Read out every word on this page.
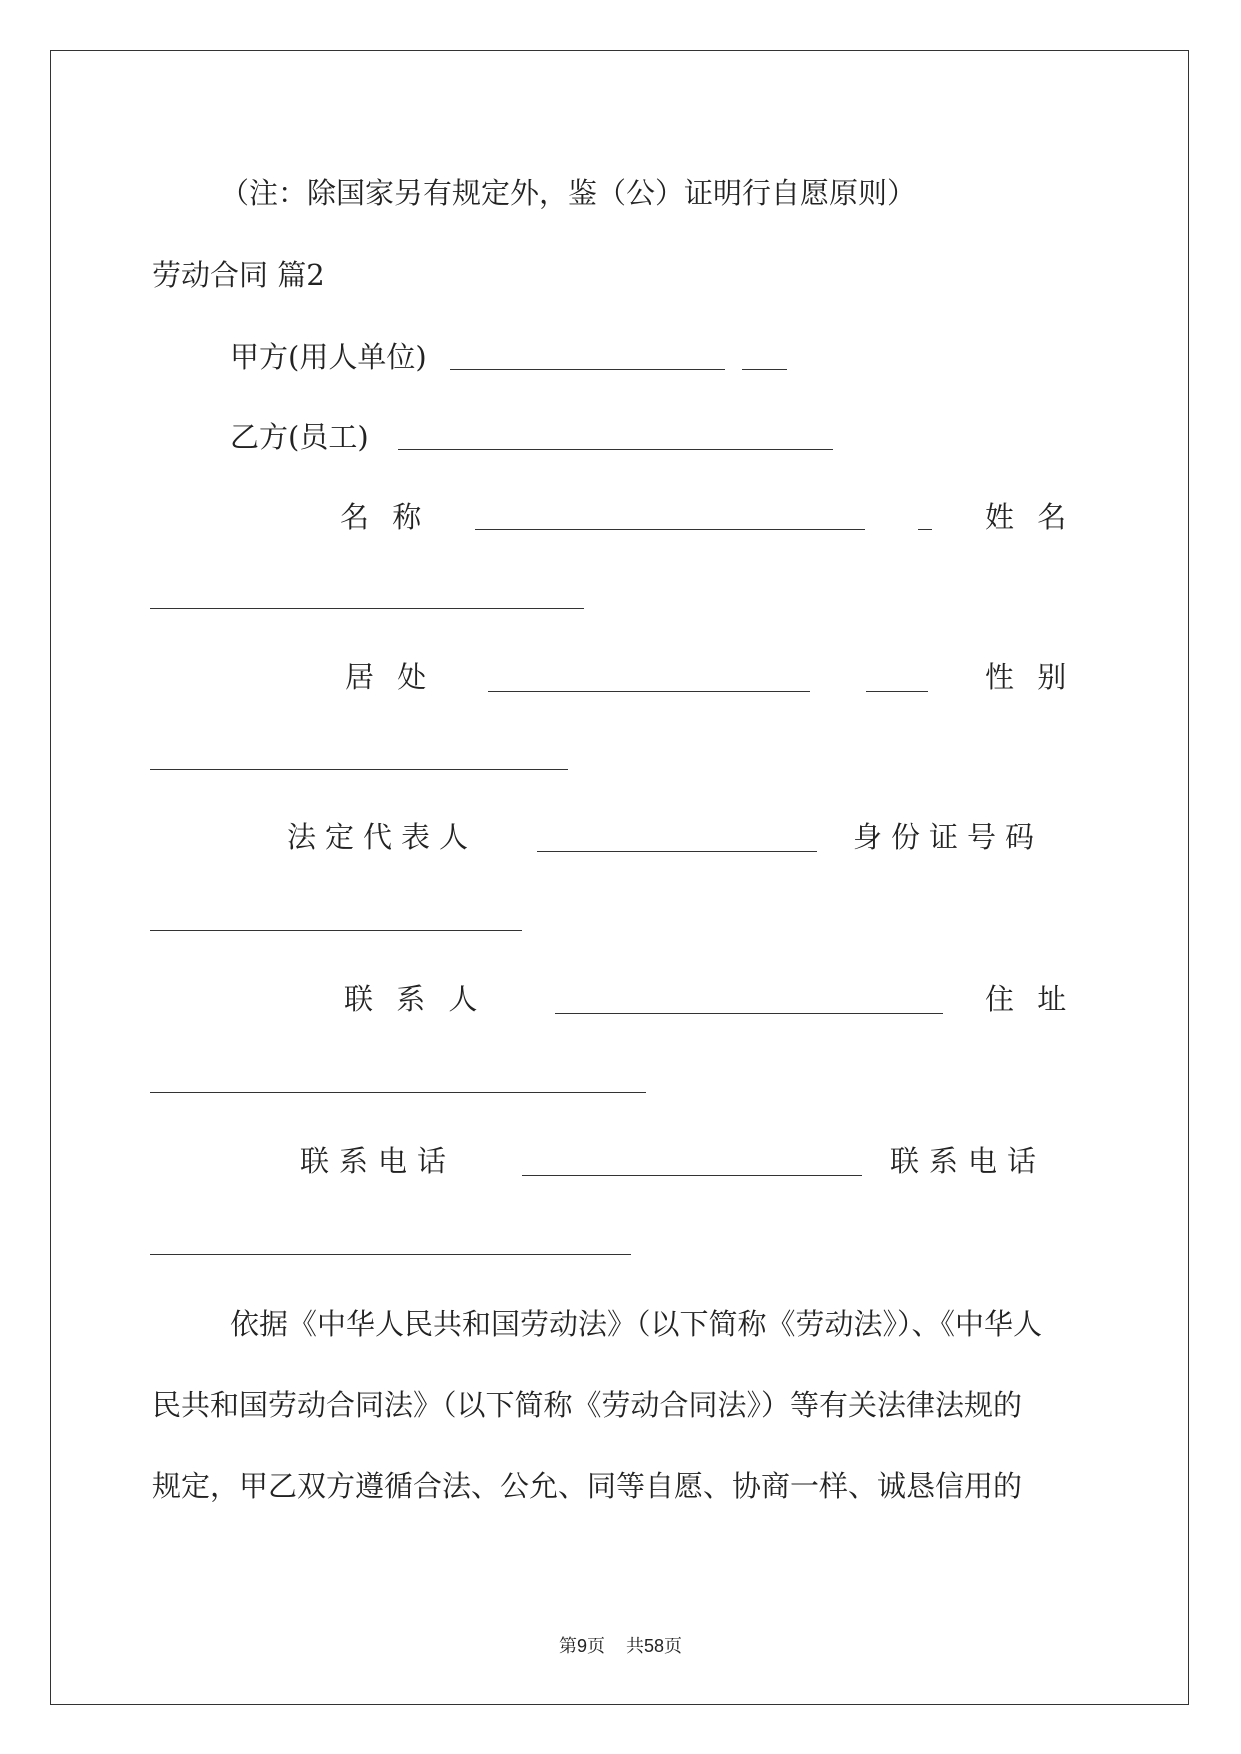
（注：除国家另有规定外，鉴（公）证明行自愿原则）
劳动合同 篇2
甲方(用人单位)
乙方(员工)
名 称	姓 名
居 处	性 别
法定代表人	身份证号码
联 系 人	住 址
联系电话	联系电话
依据《中华人民共和国劳动法》（以下简称《劳动法》）、《中华人
民共和国劳动合同法》（以下简称《劳动合同法》）等有关法律法规的
规定，甲乙双方遵循合法、公允、同等自愿、协商一样、诚恳信用的
第9页 共58页
